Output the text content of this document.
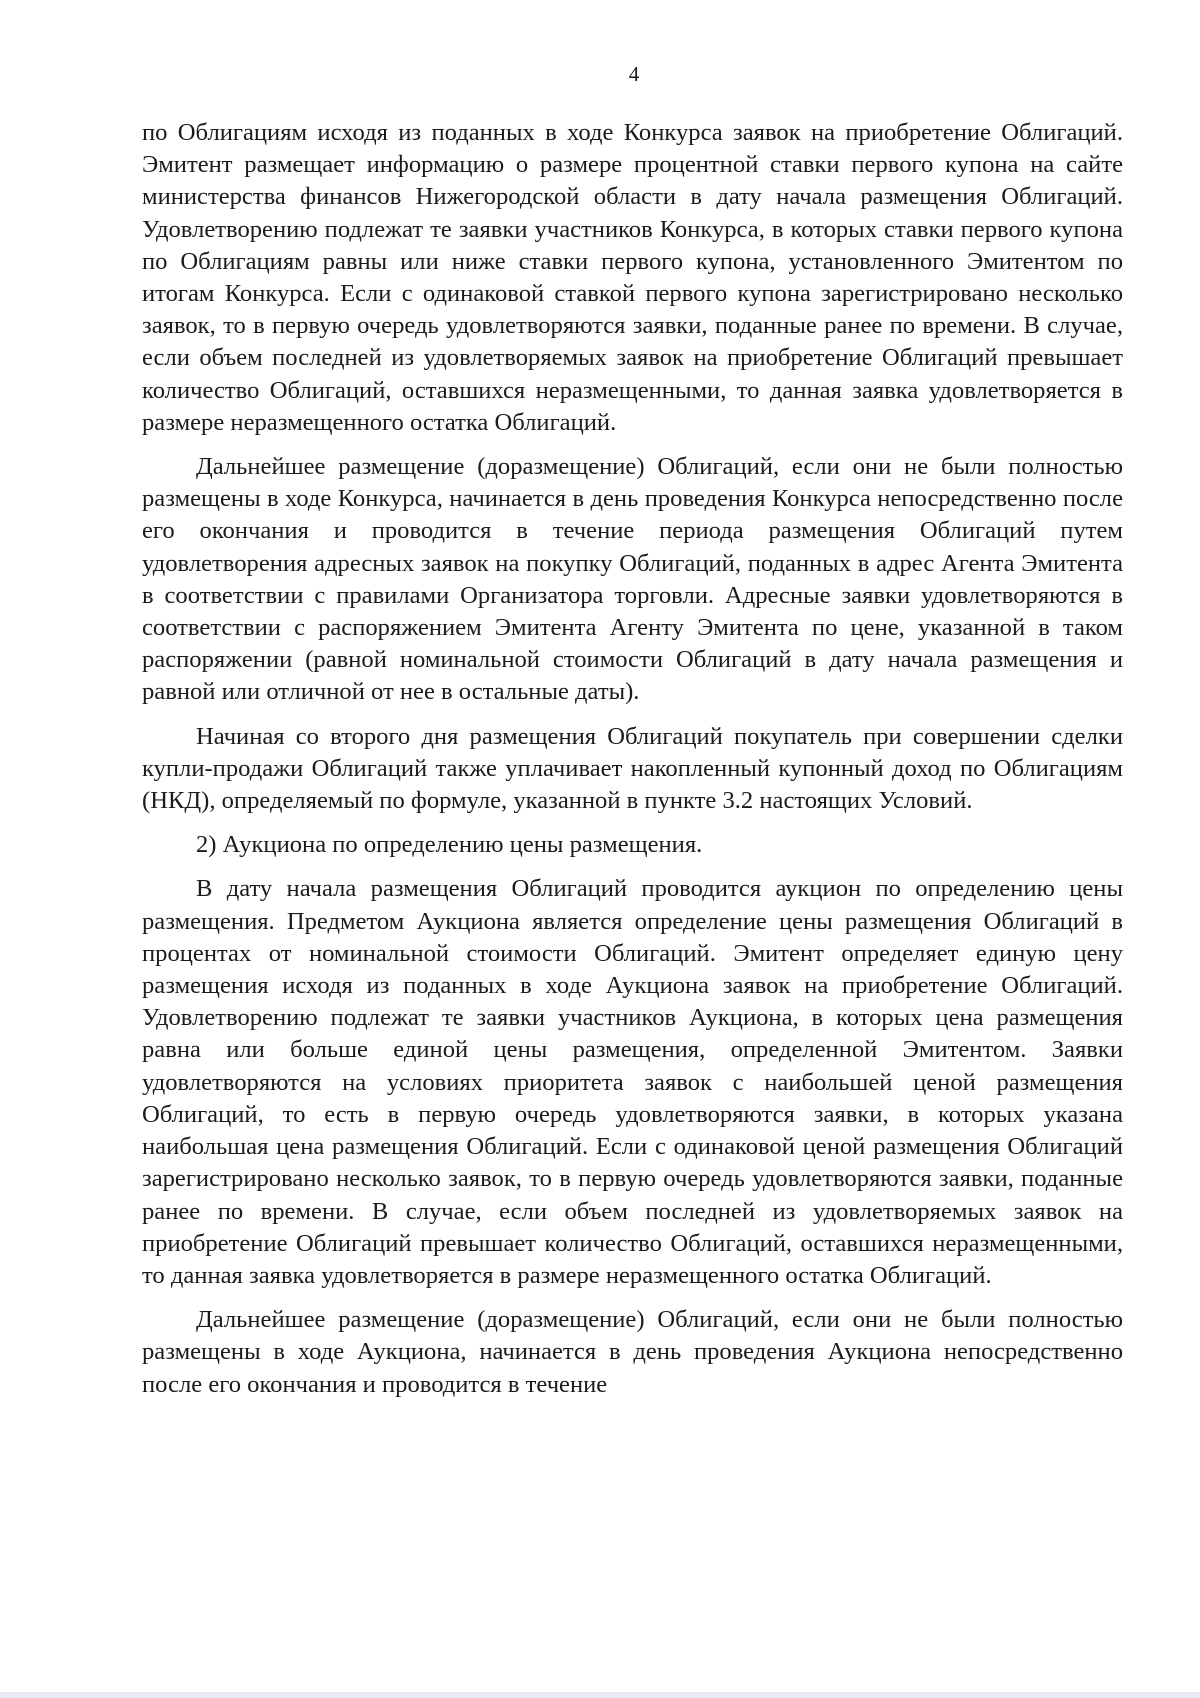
4

по Облигациям исходя из поданных в ходе Конкурса заявок на приобретение Облигаций. Эмитент размещает информацию о размере процентной ставки первого купона на сайте министерства финансов Нижегородской области в дату начала размещения Облигаций. Удовлетворению подлежат те заявки участников Конкурса, в которых ставки первого купона по Облигациям равны или ниже ставки первого купона, установленного Эмитентом по итогам Конкурса. Если с одинаковой ставкой первого купона зарегистрировано несколько заявок, то в первую очередь удовлетворяются заявки, поданные ранее по времени. В случае, если объем последней из удовлетворяемых заявок на приобретение Облигаций превышает количество Облигаций, оставшихся неразмещенными, то данная заявка удовлетворяется в размере неразмещенного остатка Облигаций.

Дальнейшее размещение (доразмещение) Облигаций, если они не были полностью размещены в ходе Конкурса, начинается в день проведения Конкурса непосредственно после его окончания и проводится в течение периода размещения Облигаций путем удовлетворения адресных заявок на покупку Облигаций, поданных в адрес Агента Эмитента в соответствии с правилами Организатора торговли. Адресные заявки удовлетворяются в соответствии с распоряжением Эмитента Агенту Эмитента по цене, указанной в таком распоряжении (равной номинальной стоимости Облигаций в дату начала размещения и равной или отличной от нее в остальные даты).

Начиная со второго дня размещения Облигаций покупатель при совершении сделки купли-продажи Облигаций также уплачивает накопленный купонный доход по Облигациям (НКД), определяемый по формуле, указанной в пункте 3.2 настоящих Условий.

2) Аукциона по определению цены размещения.

В дату начала размещения Облигаций проводится аукцион по определению цены размещения. Предметом Аукциона является определение цены размещения Облигаций в процентах от номинальной стоимости Облигаций. Эмитент определяет единую цену размещения исходя из поданных в ходе Аукциона заявок на приобретение Облигаций. Удовлетворению подлежат те заявки участников Аукциона, в которых цена размещения равна или больше единой цены размещения, определенной Эмитентом. Заявки удовлетворяются на условиях приоритета заявок с наибольшей ценой размещения Облигаций, то есть в первую очередь удовлетворяются заявки, в которых указана наибольшая цена размещения Облигаций. Если с одинаковой ценой размещения Облигаций зарегистрировано несколько заявок, то в первую очередь удовлетворяются заявки, поданные ранее по времени. В случае, если объем последней из удовлетворяемых заявок на приобретение Облигаций превышает количество Облигаций, оставшихся неразмещенными, то данная заявка удовлетворяется в размере неразмещенного остатка Облигаций.

Дальнейшее размещение (доразмещение) Облигаций, если они не были полностью размещены в ходе Аукциона, начинается в день проведения Аукциона непосредственно после его окончания и проводится в течение
